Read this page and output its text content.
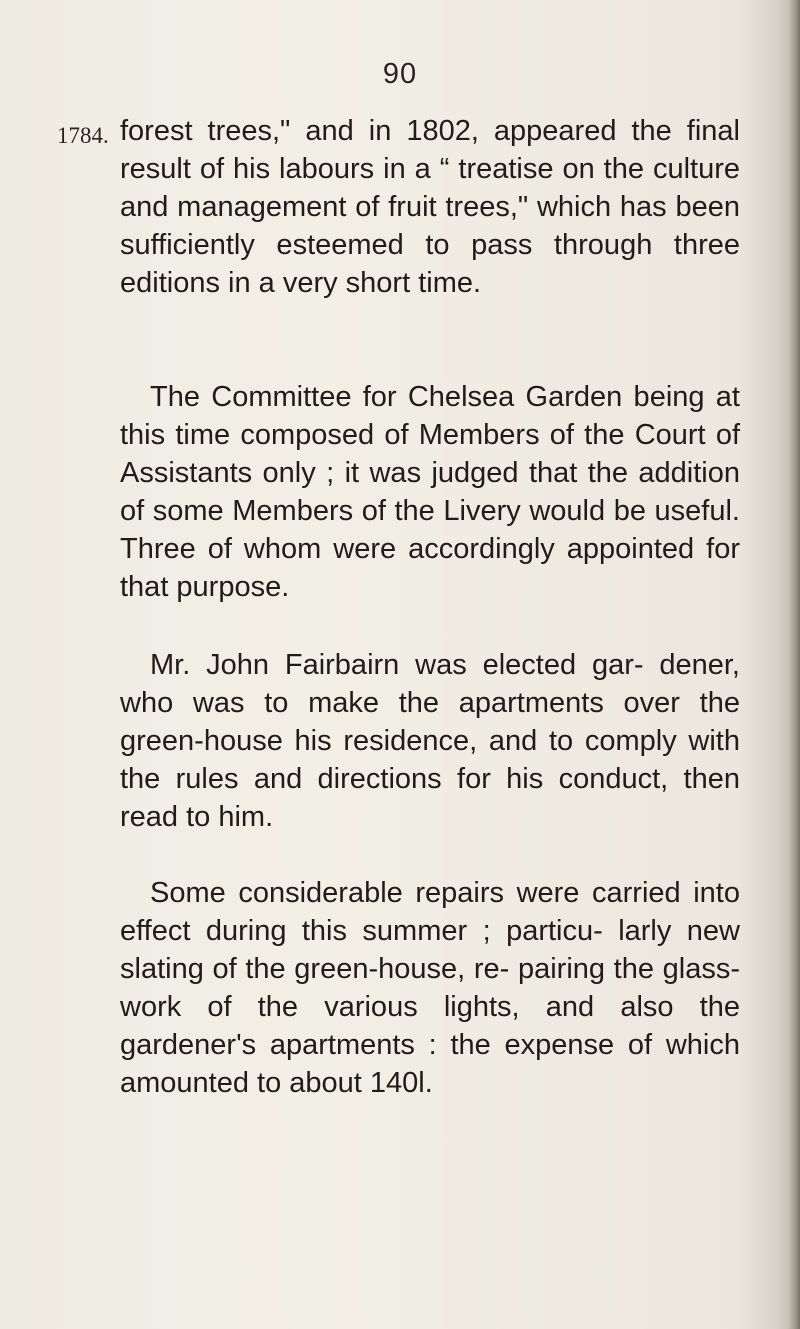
90
1784. forest trees," and in 1802, appeared the final result of his labours in a “ treatise on the culture and management of fruit trees," which has been sufficiently esteemed to pass through three editions in a very short time.
The Committee for Chelsea Garden being at this time composed of Members of the Court of Assistants only ; it was judged that the addition of some Members of the Livery would be useful. Three of whom were accordingly appointed for that purpose.
Mr. John Fairbairn was elected gar- dener, who was to make the apartments over the green-house his residence, and to comply with the rules and directions for his conduct, then read to him.
Some considerable repairs were carried into effect during this summer ; particu- larly new slating of the green-house, re- pairing the glass-work of the various lights, and also the gardener's apartments : the expense of which amounted to about 140l.
